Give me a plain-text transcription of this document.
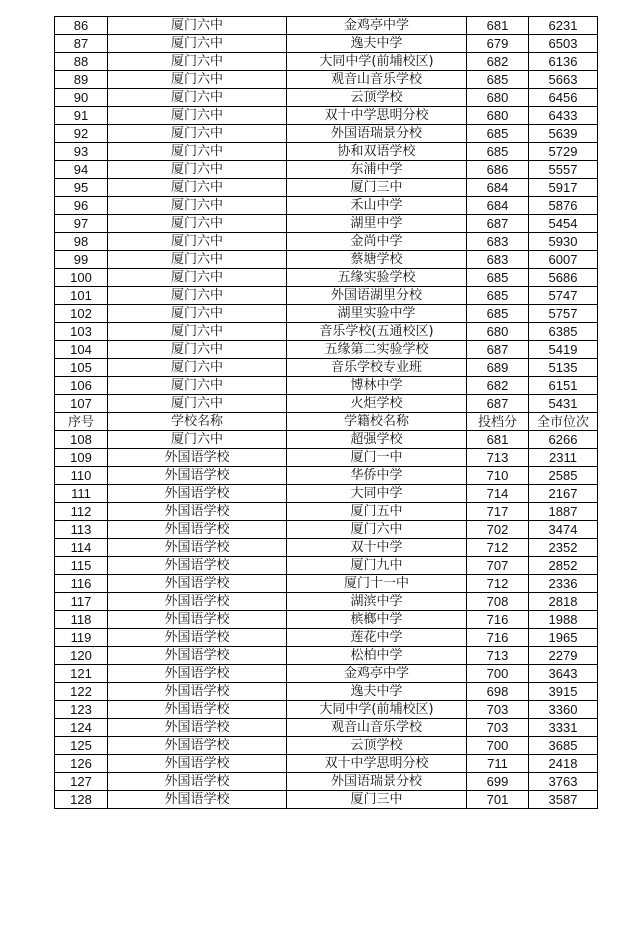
86	厦门六中	金鸡亭中学	681	6231
87	厦门六中	逸夫中学	679	6503
88	厦门六中	大同中学(前埔校区)	682	6136
89	厦门六中	观音山音乐学校	685	5663
90	厦门六中	云顶学校	680	6456
91	厦门六中	双十中学思明分校	680	6433
92	厦门六中	外国语瑞景分校	685	5639
93	厦门六中	协和双语学校	685	5729
94	厦门六中	东浦中学	686	5557
95	厦门六中	厦门三中	684	5917
96	厦门六中	禾山中学	684	5876
97	厦门六中	湖里中学	687	5454
98	厦门六中	金尚中学	683	5930
99	厦门六中	蔡塘学校	683	6007
100	厦门六中	五缘实验学校	685	5686
101	厦门六中	外国语湖里分校	685	5747
102	厦门六中	湖里实验中学	685	5757
103	厦门六中	音乐学校(五通校区)	680	6385
104	厦门六中	五缘第二实验学校	687	5419
105	厦门六中	音乐学校专业班	689	5135
106	厦门六中	博林中学	682	6151
107	厦门六中	火炬学校	687	5431
序号	学校名称	学籍校名称	投档分	全市位次
108	厦门六中	超强学校	681	6266
109	外国语学校	厦门一中	713	2311
110	外国语学校	华侨中学	710	2585
111	外国语学校	大同中学	714	2167
112	外国语学校	厦门五中	717	1887
113	外国语学校	厦门六中	702	3474
114	外国语学校	双十中学	712	2352
115	外国语学校	厦门九中	707	2852
116	外国语学校	厦门十一中	712	2336
117	外国语学校	湖滨中学	708	2818
118	外国语学校	槟榔中学	716	1988
119	外国语学校	莲花中学	716	1965
120	外国语学校	松柏中学	713	2279
121	外国语学校	金鸡亭中学	700	3643
122	外国语学校	逸夫中学	698	3915
123	外国语学校	大同中学(前埔校区)	703	3360
124	外国语学校	观音山音乐学校	703	3331
125	外国语学校	云顶学校	700	3685
126	外国语学校	双十中学思明分校	711	2418
127	外国语学校	外国语瑞景分校	699	3763
128	外国语学校	厦门三中	701	3587
